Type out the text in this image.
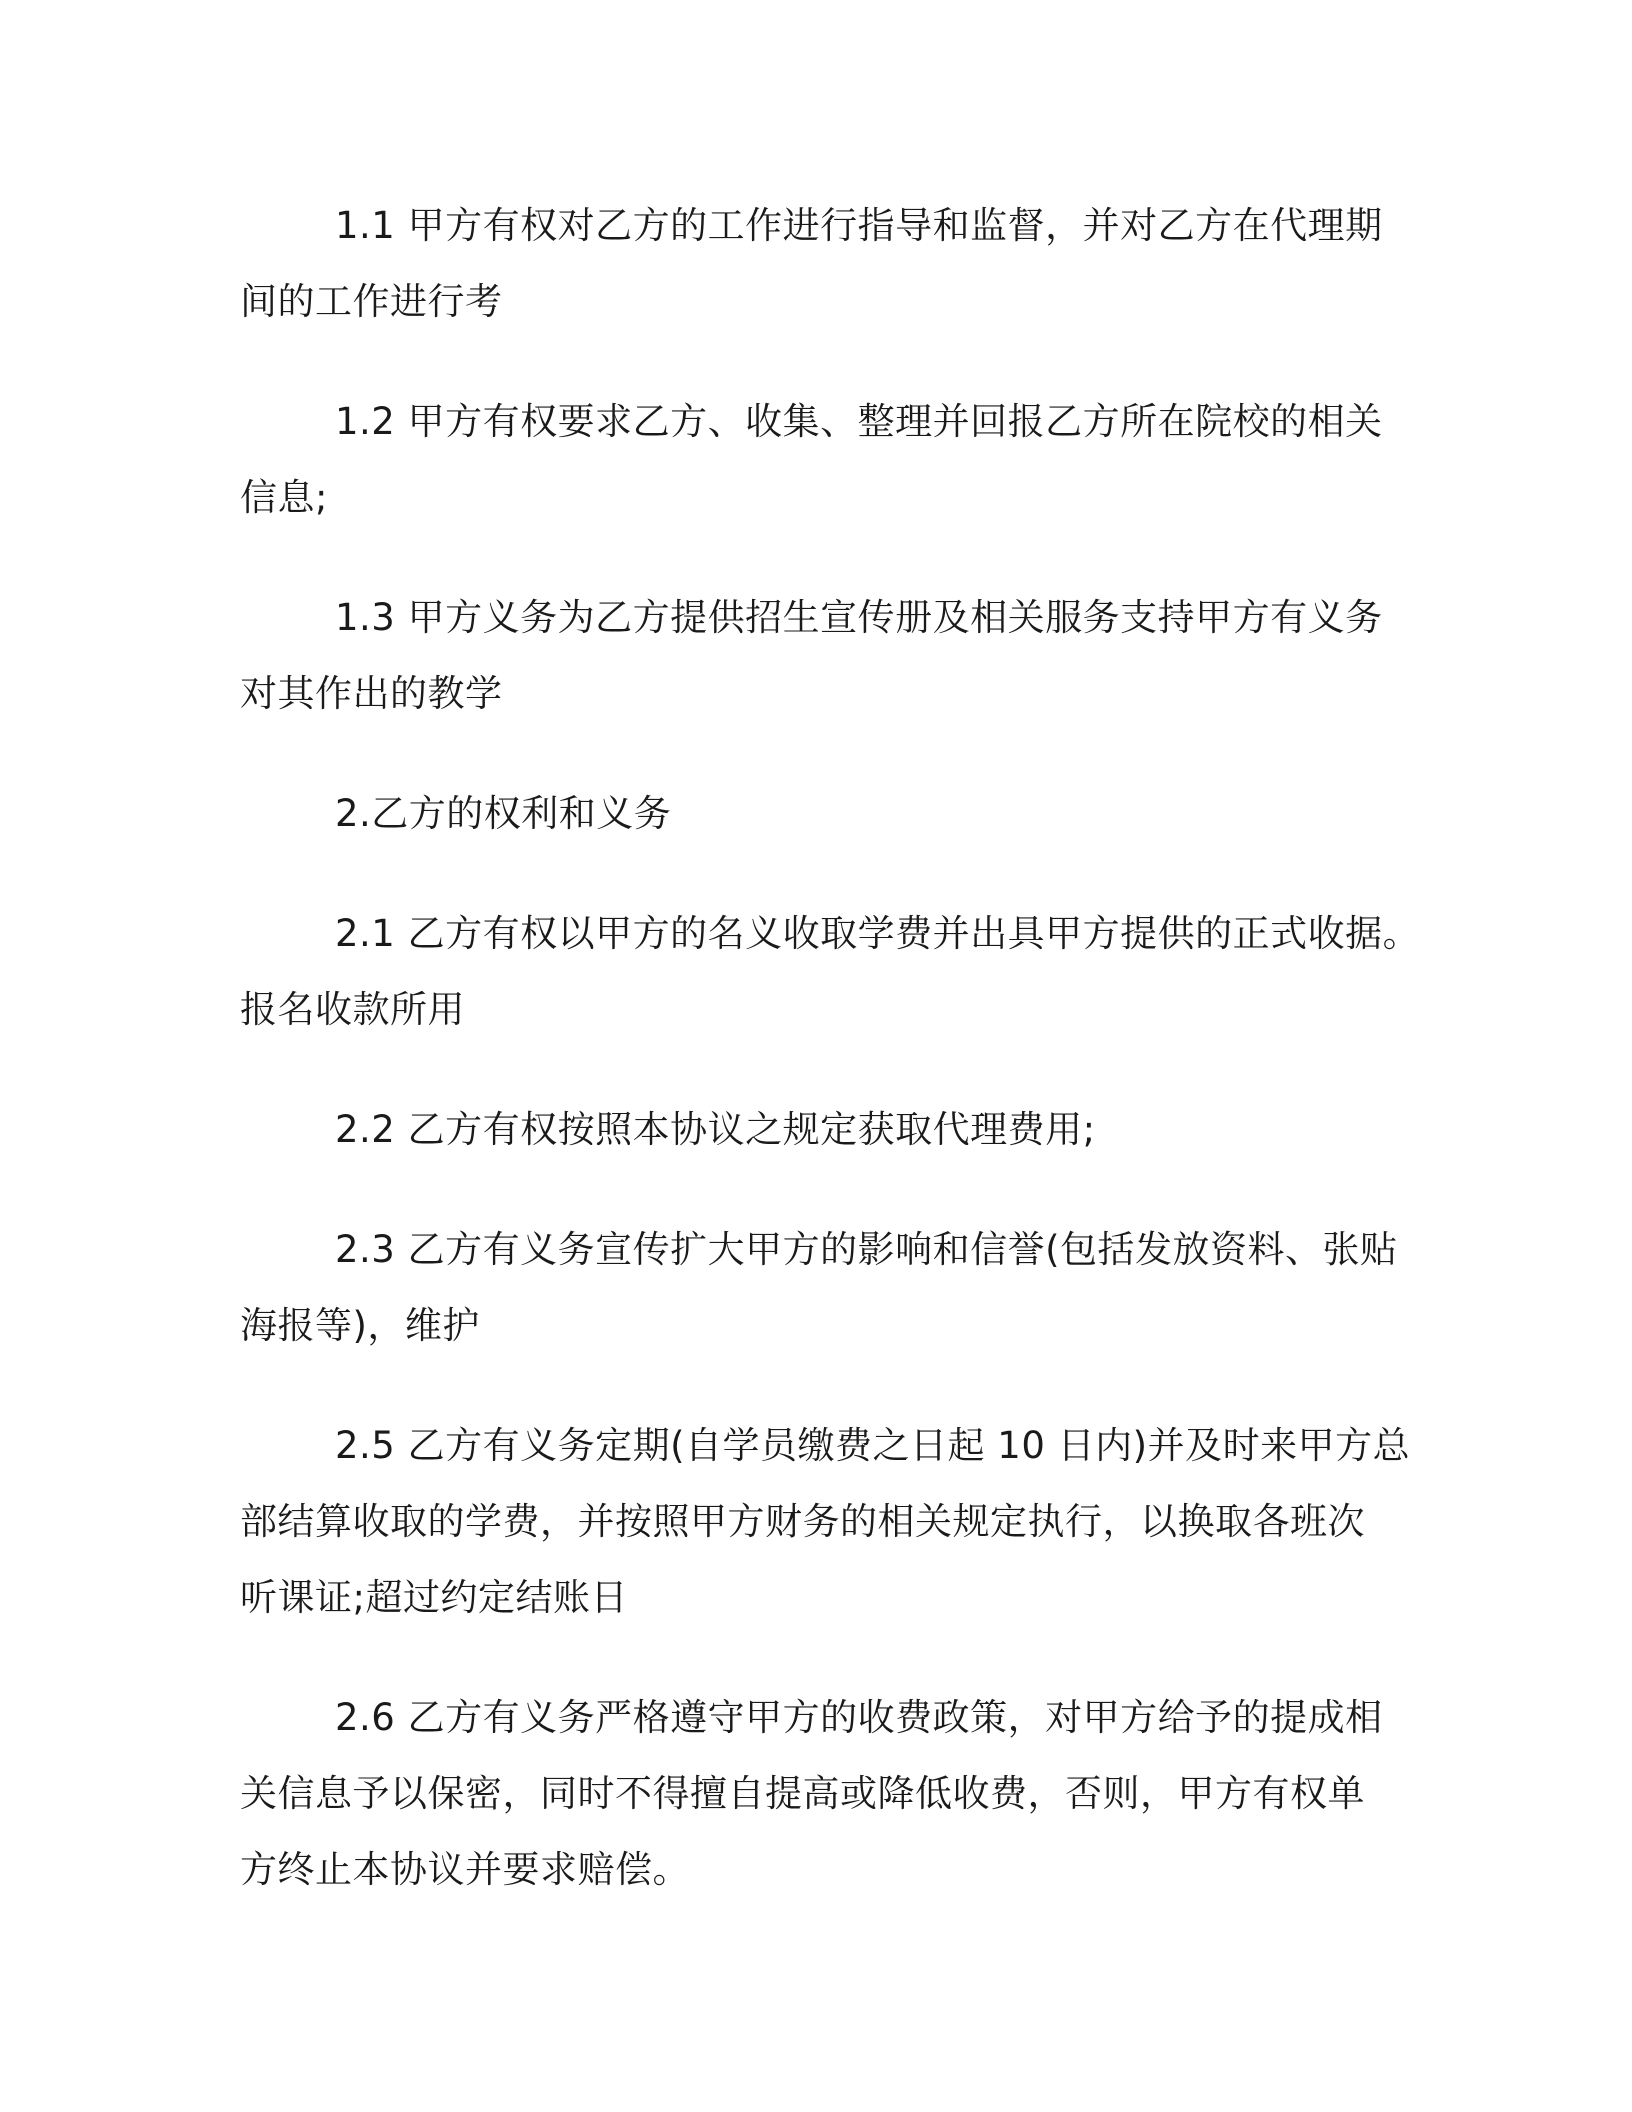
1.1 甲方有权对乙方的工作进行指导和监督，并对乙方在代理期
间的工作进行考

1.2 甲方有权要求乙方、收集、整理并回报乙方所在院校的相关
信息;

1.3 甲方义务为乙方提供招生宣传册及相关服务支持甲方有义务
对其作出的教学

2.乙方的权利和义务

2.1 乙方有权以甲方的名义收取学费并出具甲方提供的正式收据。
报名收款所用

2.2 乙方有权按照本协议之规定获取代理费用;

2.3 乙方有义务宣传扩大甲方的影响和信誉(包括发放资料、张贴
海报等)，维护

2.5 乙方有义务定期(自学员缴费之日起 10 日内)并及时来甲方总
部结算收取的学费，并按照甲方财务的相关规定执行，以换取各班次
听课证;超过约定结账日

2.6 乙方有义务严格遵守甲方的收费政策，对甲方给予的提成相
关信息予以保密，同时不得擅自提高或降低收费，否则，甲方有权单
方终止本协议并要求赔偿。
